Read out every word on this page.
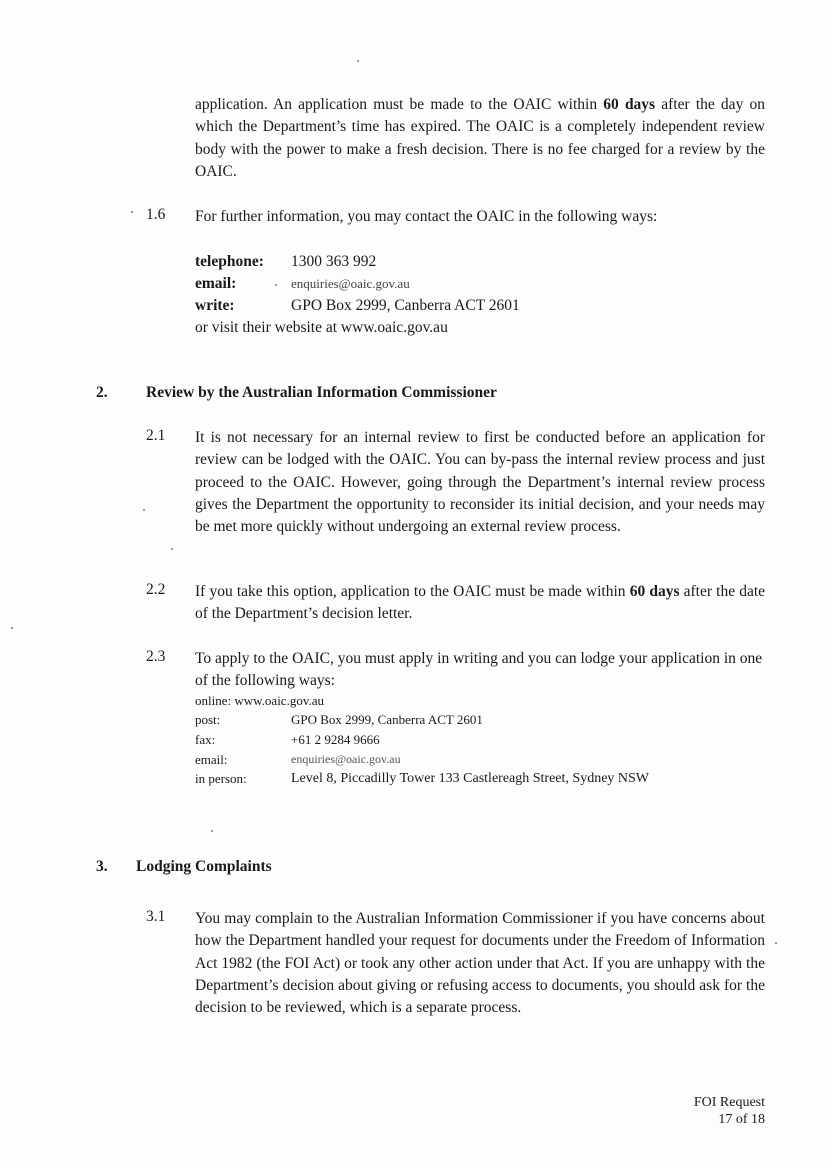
application. An application must be made to the OAIC within 60 days after the day on which the Department’s time has expired. The OAIC is a completely independent review body with the power to make a fresh decision. There is no fee charged for a review by the OAIC.
1.6 For further information, you may contact the OAIC in the following ways:
telephone: 1300 363 992
email:	enquiries@oaic.gov.au
write:	GPO Box 2999, Canberra ACT 2601
or visit their website at www.oaic.gov.au
2. Review by the Australian Information Commissioner
2.1 It is not necessary for an internal review to first be conducted before an application for review can be lodged with the OAIC. You can by-pass the internal review process and just proceed to the OAIC. However, going through the Department’s internal review process gives the Department the opportunity to reconsider its initial decision, and your needs may be met more quickly without undergoing an external review process.
2.2 If you take this option, application to the OAIC must be made within 60 days after the date of the Department’s decision letter.
2.3 To apply to the OAIC, you must apply in writing and you can lodge your application in one of the following ways:
online: www.oaic.gov.au
post:	GPO Box 2999, Canberra ACT 2601
fax:	+61 2 9284 9666
email:	enquiries@oaic.gov.au
in person:	Level 8, Piccadilly Tower 133 Castlereagh Street, Sydney NSW
3. Lodging Complaints
3.1 You may complain to the Australian Information Commissioner if you have concerns about how the Department handled your request for documents under the Freedom of Information Act 1982 (the FOI Act) or took any other action under that Act. If you are unhappy with the Department’s decision about giving or refusing access to documents, you should ask for the decision to be reviewed, which is a separate process.
FOI Request
17 of 18
